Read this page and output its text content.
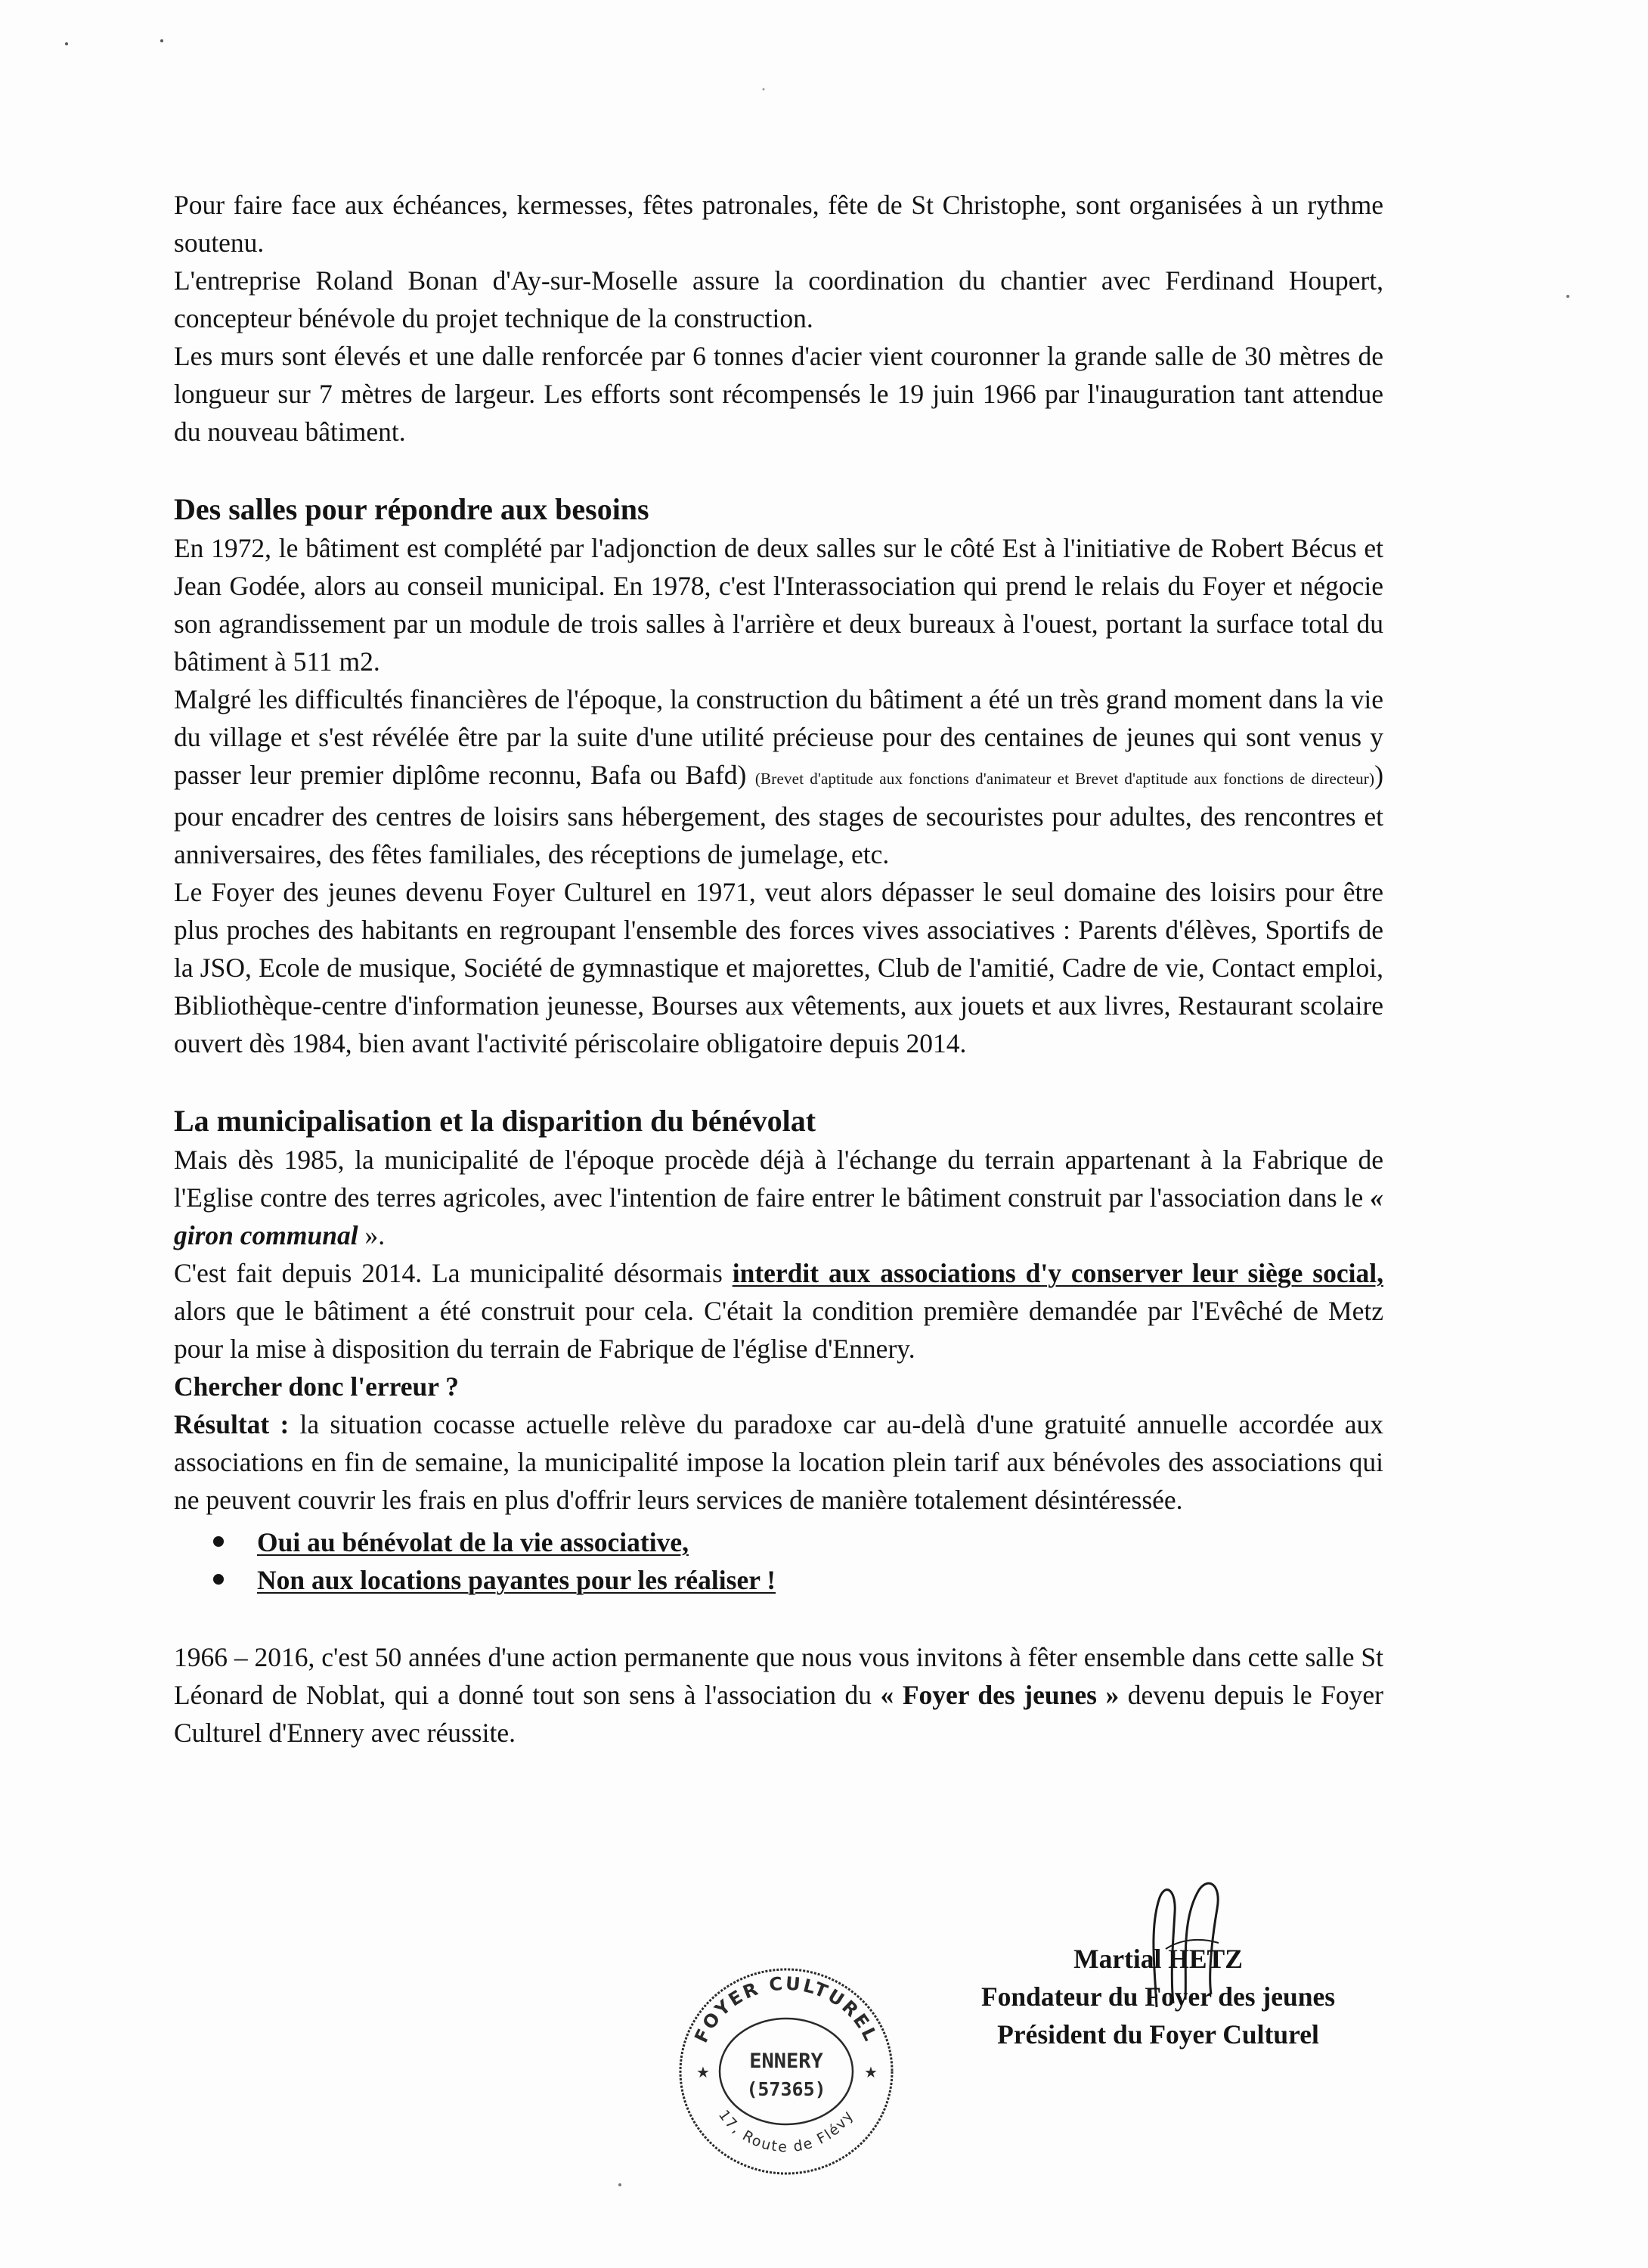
Pour faire face aux échéances, kermesses, fêtes patronales, fête de St Christophe, sont organisées à un rythme soutenu.

L'entreprise Roland Bonan d'Ay-sur-Moselle assure la coordination du chantier avec Ferdinand Houpert, concepteur bénévole du projet technique de la construction.

Les murs sont élevés et une dalle renforcée par 6 tonnes d'acier vient couronner la grande salle de 30 mètres de longueur sur 7 mètres de largeur. Les efforts sont récompensés le 19 juin 1966 par l'inauguration tant attendue du nouveau bâtiment.

Des salles pour répondre aux besoins

En 1972, le bâtiment est complété par l'adjonction de deux salles sur le côté Est à l'initiative de Robert Bécus et Jean Godée, alors au conseil municipal. En 1978, c'est l'Interassociation qui prend le relais du Foyer et négocie son agrandissement par un module de trois salles à l'arrière et deux bureaux à l'ouest, portant la surface total du bâtiment à 511 m2.

Malgré les difficultés financières de l'époque, la construction du bâtiment a été un très grand moment dans la vie du village et s'est révélée être par la suite d'une utilité précieuse pour des centaines de jeunes qui sont venus y passer leur premier diplôme reconnu, Bafa ou Bafd) (Brevet d'aptitude aux fonctions d'animateur et Brevet d'aptitude aux fonctions de directeur)) pour encadrer des centres de loisirs sans hébergement, des stages de secouristes pour adultes, des rencontres et anniversaires, des fêtes familiales, des réceptions de jumelage, etc.

Le Foyer des jeunes devenu Foyer Culturel en 1971, veut alors dépasser le seul domaine des loisirs pour être plus proches des habitants en regroupant l'ensemble des forces vives associatives : Parents d'élèves, Sportifs de la JSO, Ecole de musique, Société de gymnastique et majorettes, Club de l'amitié, Cadre de vie, Contact emploi, Bibliothèque-centre d'information jeunesse, Bourses aux vêtements, aux jouets et aux livres, Restaurant scolaire ouvert dès 1984, bien avant l'activité périscolaire obligatoire depuis 2014.

La municipalisation et la disparition du bénévolat

Mais dès 1985, la municipalité de l'époque procède déjà à l'échange du terrain appartenant à la Fabrique de l'Eglise contre des terres agricoles, avec l'intention de faire entrer le bâtiment construit par l'association dans le « giron communal ».

C'est fait depuis 2014. La municipalité désormais interdit aux associations d'y conserver leur siège social, alors que le bâtiment a été construit pour cela. C'était la condition première demandée par l'Evêché de Metz pour la mise à disposition du terrain de Fabrique de l'église d'Ennery.

Chercher donc l'erreur ?

Résultat : la situation cocasse actuelle relève du paradoxe car au-delà d'une gratuité annuelle accordée aux associations en fin de semaine, la municipalité impose la location plein tarif aux bénévoles des associations qui ne peuvent couvrir les frais en plus d'offrir leurs services de manière totalement désintéressée.

Oui au bénévolat de la vie associative,
Non aux locations payantes pour les réaliser !

1966 – 2016, c'est 50 années d'une action permanente que nous vous invitons à fêter ensemble dans cette salle St Léonard de Noblat, qui a donné tout son sens à l'association du « Foyer des jeunes » devenu depuis le Foyer Culturel d'Ennery avec réussite.

FOYER CULTUREL
ENNERY
(57365)
17, Route de Flévy
★	★
Martial HETZ
Fondateur du Foyer des jeunes
Président du Foyer Culturel
